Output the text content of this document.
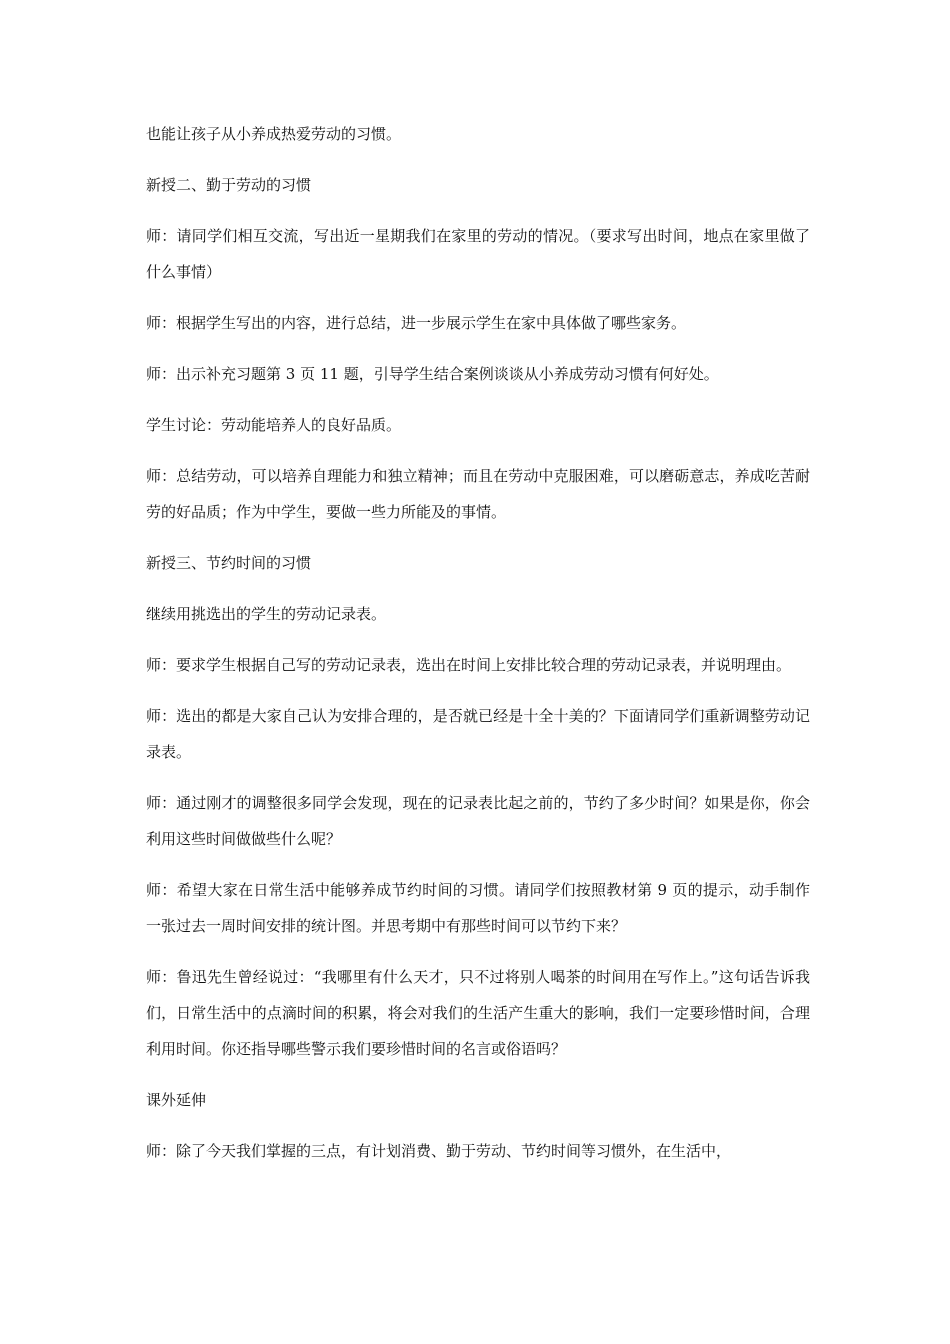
也能让孩子从小养成热爱劳动的习惯。

新授二、勤于劳动的习惯

师：请同学们相互交流，写出近一星期我们在家里的劳动的情况。（要求写出时间，地点在家里做了什么事情）

师：根据学生写出的内容，进行总结，进一步展示学生在家中具体做了哪些家务。

师：出示补充习题第 3 页 11 题，引导学生结合案例谈谈从小养成劳动习惯有何好处。

学生讨论：劳动能培养人的良好品质。

师：总结劳动，可以培养自理能力和独立精神；而且在劳动中克服困难，可以磨砺意志，养成吃苦耐劳的好品质；作为中学生，要做一些力所能及的事情。

新授三、节约时间的习惯

继续用挑选出的学生的劳动记录表。

师：要求学生根据自己写的劳动记录表，选出在时间上安排比较合理的劳动记录表，并说明理由。

师：选出的都是大家自己认为安排合理的，是否就已经是十全十美的？下面请同学们重新调整劳动记录表。

师：通过刚才的调整很多同学会发现，现在的记录表比起之前的，节约了多少时间？如果是你，你会利用这些时间做做些什么呢？

师：希望大家在日常生活中能够养成节约时间的习惯。请同学们按照教材第 9 页的提示，动手制作一张过去一周时间安排的统计图。并思考期中有那些时间可以节约下来？

师：鲁迅先生曾经说过：“我哪里有什么天才，只不过将别人喝茶的时间用在写作上。”这句话告诉我们，日常生活中的点滴时间的积累，将会对我们的生活产生重大的影响，我们一定要珍惜时间，合理利用时间。你还指导哪些警示我们要珍惜时间的名言或俗语吗？

课外延伸

师：除了今天我们掌握的三点，有计划消费、勤于劳动、节约时间等习惯外，在生活中，
